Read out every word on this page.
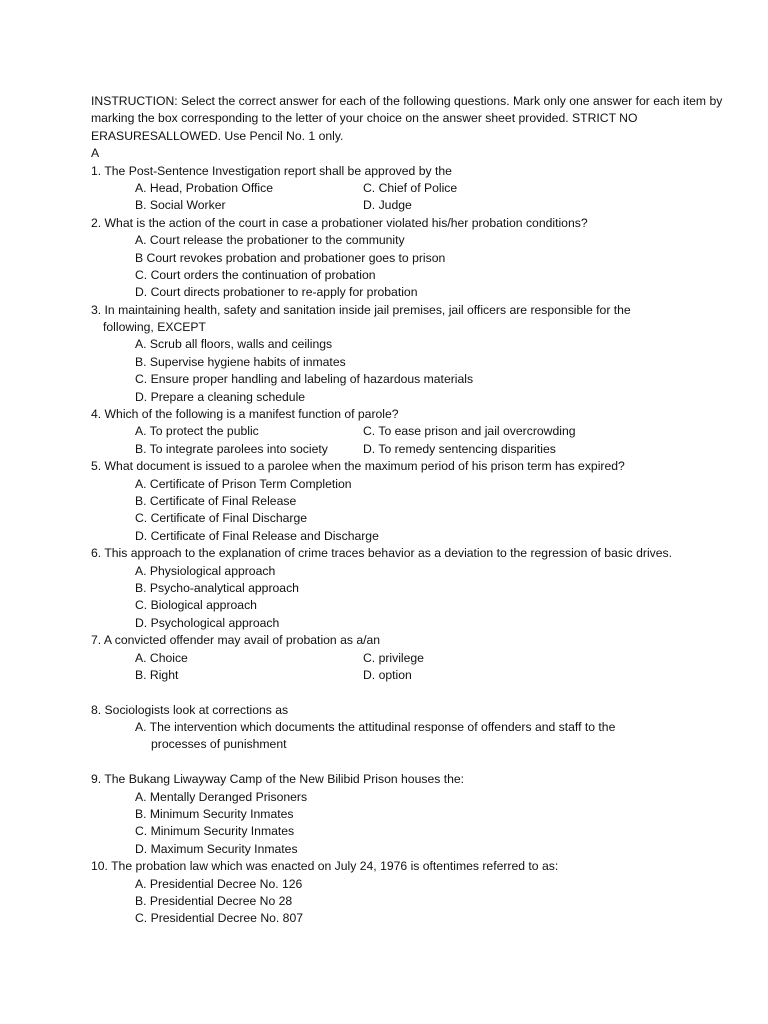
INSTRUCTION: Select the correct answer for each of the following questions. Mark only one answer for each item by
marking the box corresponding to the letter of your choice on the answer sheet provided. STRICT NO
ERASURESALLOWED. Use Pencil No. 1 only.
A
1. The Post-Sentence Investigation report shall be approved by the
A. Head, Probation Office	C. Chief of Police
B. Social Worker	D. Judge
2. What is the action of the court in case a probationer violated his/her probation conditions?
A. Court release the probationer to the community
B Court revokes probation and probationer goes to prison
C. Court orders the continuation of probation
D. Court directs probationer to re-apply for probation
3. In maintaining health, safety and sanitation inside jail premises, jail officers are responsible for the
following, EXCEPT
A. Scrub all floors, walls and ceilings
B. Supervise hygiene habits of inmates
C. Ensure proper handling and labeling of hazardous materials
D. Prepare a cleaning schedule
4. Which of the following is a manifest function of parole?
A. To protect the public	C. To ease prison and jail overcrowding
B. To integrate parolees into society	D. To remedy sentencing disparities
5. What document is issued to a parolee when the maximum period of his prison term has expired?
A. Certificate of Prison Term Completion
B. Certificate of Final Release
C. Certificate of Final Discharge
D. Certificate of Final Release and Discharge
6. This approach to the explanation of crime traces behavior as a deviation to the regression of basic drives.
A. Physiological approach
B. Psycho-analytical approach
C. Biological approach
D. Psychological approach
7. A convicted offender may avail of probation as a/an
A. Choice	C. privilege
B. Right	D. option
8. Sociologists look at corrections as
A. The intervention which documents the attitudinal response of offenders and staff to the
processes of punishment
9. The Bukang Liwayway Camp of the New Bilibid Prison houses the:
A. Mentally Deranged Prisoners
B. Minimum Security Inmates
C. Minimum Security Inmates
D. Maximum Security Inmates
10. The probation law which was enacted on July 24, 1976 is oftentimes referred to as:
A. Presidential Decree No. 126
B. Presidential Decree No 28
C. Presidential Decree No. 807
